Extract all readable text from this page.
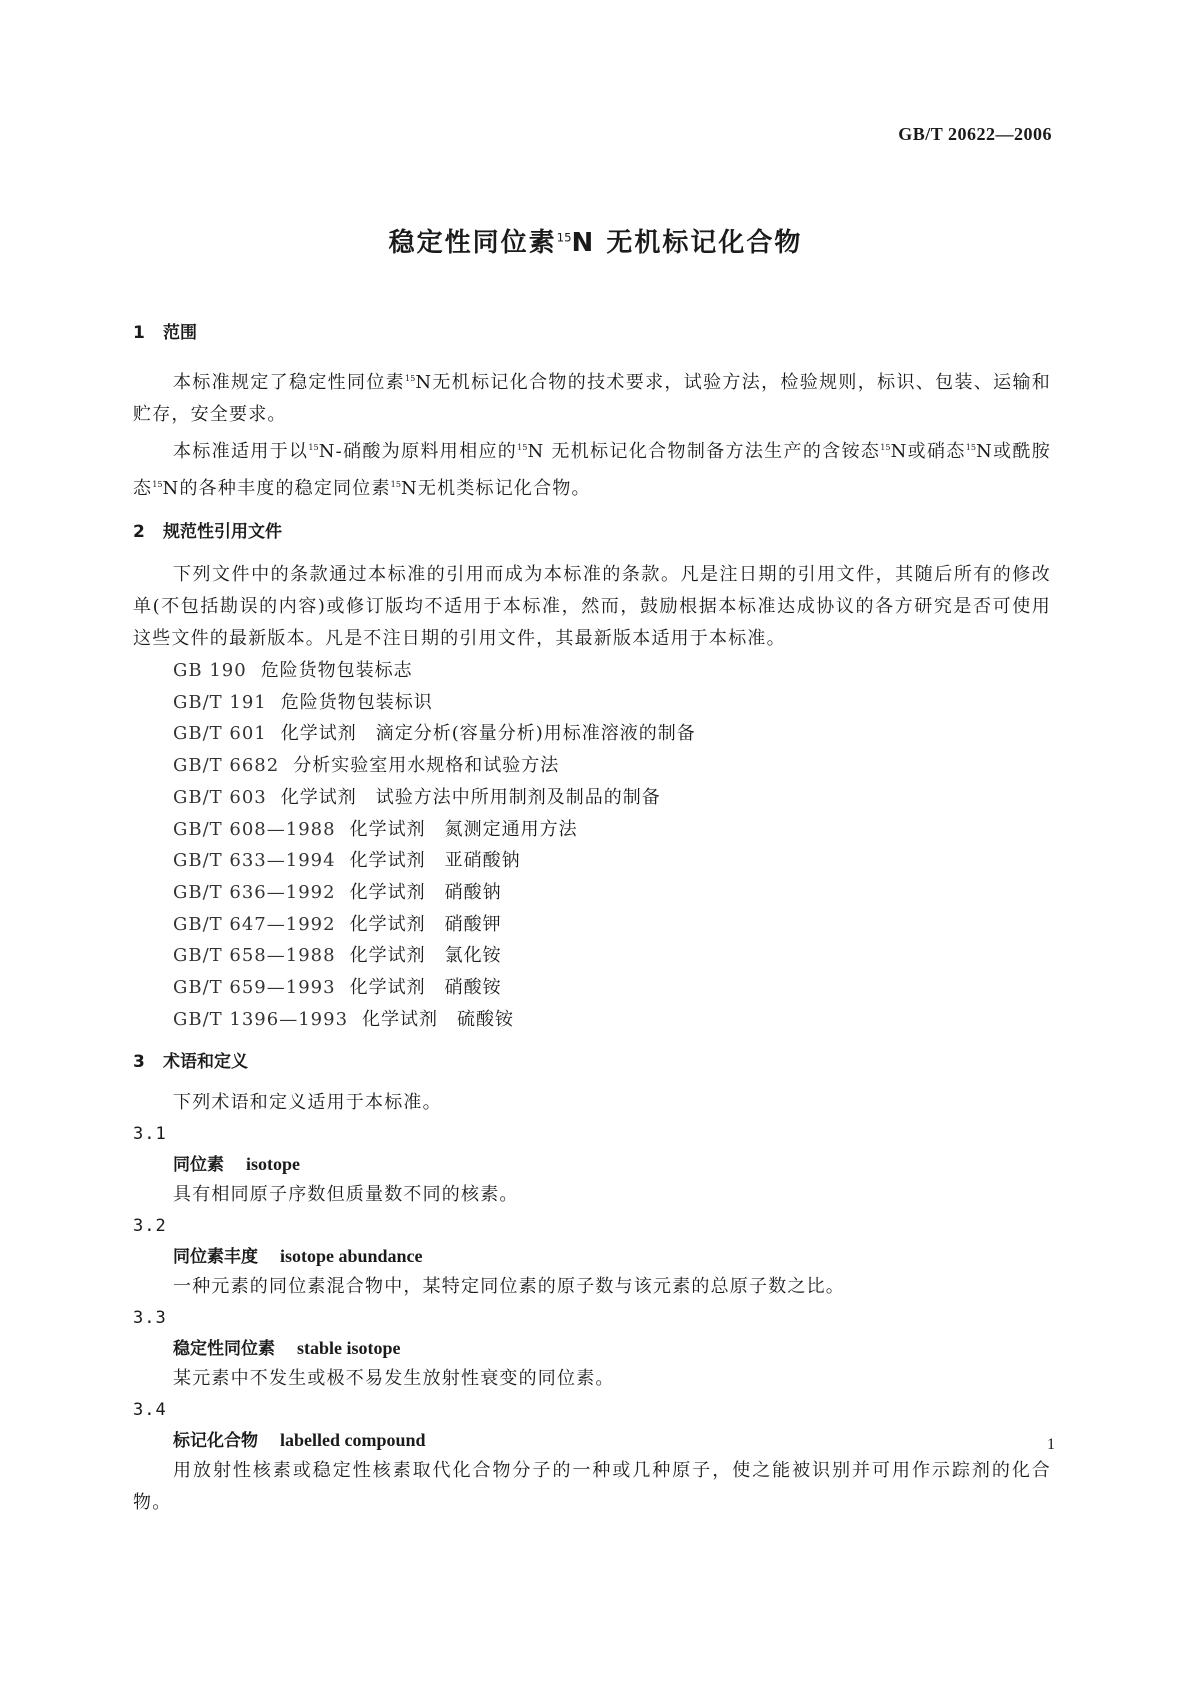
GB/T 20622—2006
稳定性同位素$^{15}$N 无机标记化合物
1 范围

本标准规定了稳定性同位素$^{15}$N无机标记化合物的技术要求，试验方法，检验规则，标识、包装、运输和贮存，安全要求。

本标准适用于以$^{15}$N-硝酸为原料用相应的$^{15}$N 无机标记化合物制备方法生产的含铵态$^{15}$N或硝态$^{15}$N或酰胺态$^{15}$N的各种丰度的稳定同位素$^{15}$N无机类标记化合物。

2 规范性引用文件

下列文件中的条款通过本标准的引用而成为本标准的条款。凡是注日期的引用文件，其随后所有的修改单(不包括勘误的内容)或修订版均不适用于本标准，然而，鼓励根据本标准达成协议的各方研究是否可使用这些文件的最新版本。凡是不注日期的引用文件，其最新版本适用于本标准。

GB 190 危险货物包装标志
GB/T 191 危险货物包装标识
GB/T 601 化学试剂　滴定分析(容量分析)用标准溶液的制备
GB/T 6682 分析实验室用水规格和试验方法
GB/T 603 化学试剂　试验方法中所用制剂及制品的制备
GB/T 608—1988 化学试剂　氮测定通用方法
GB/T 633—1994 化学试剂　亚硝酸钠
GB/T 636—1992 化学试剂　硝酸钠
GB/T 647—1992 化学试剂　硝酸钾
GB/T 658—1988 化学试剂　氯化铵
GB/T 659—1993 化学试剂　硝酸铵
GB/T 1396—1993 化学试剂　硫酸铵
3 术语和定义
下列术语和定义适用于本标准。
3.1
同位素 isotope
具有相同原子序数但质量数不同的核素。
3.2
同位素丰度 isotope abundance
一种元素的同位素混合物中，某特定同位素的原子数与该元素的总原子数之比。
3.3
稳定性同位素 stable isotope
某元素中不发生或极不易发生放射性衰变的同位素。
3.4
标记化合物 labelled compound
用放射性核素或稳定性核素取代化合物分子的一种或几种原子，使之能被识别并可用作示踪剂的化合物。
1
